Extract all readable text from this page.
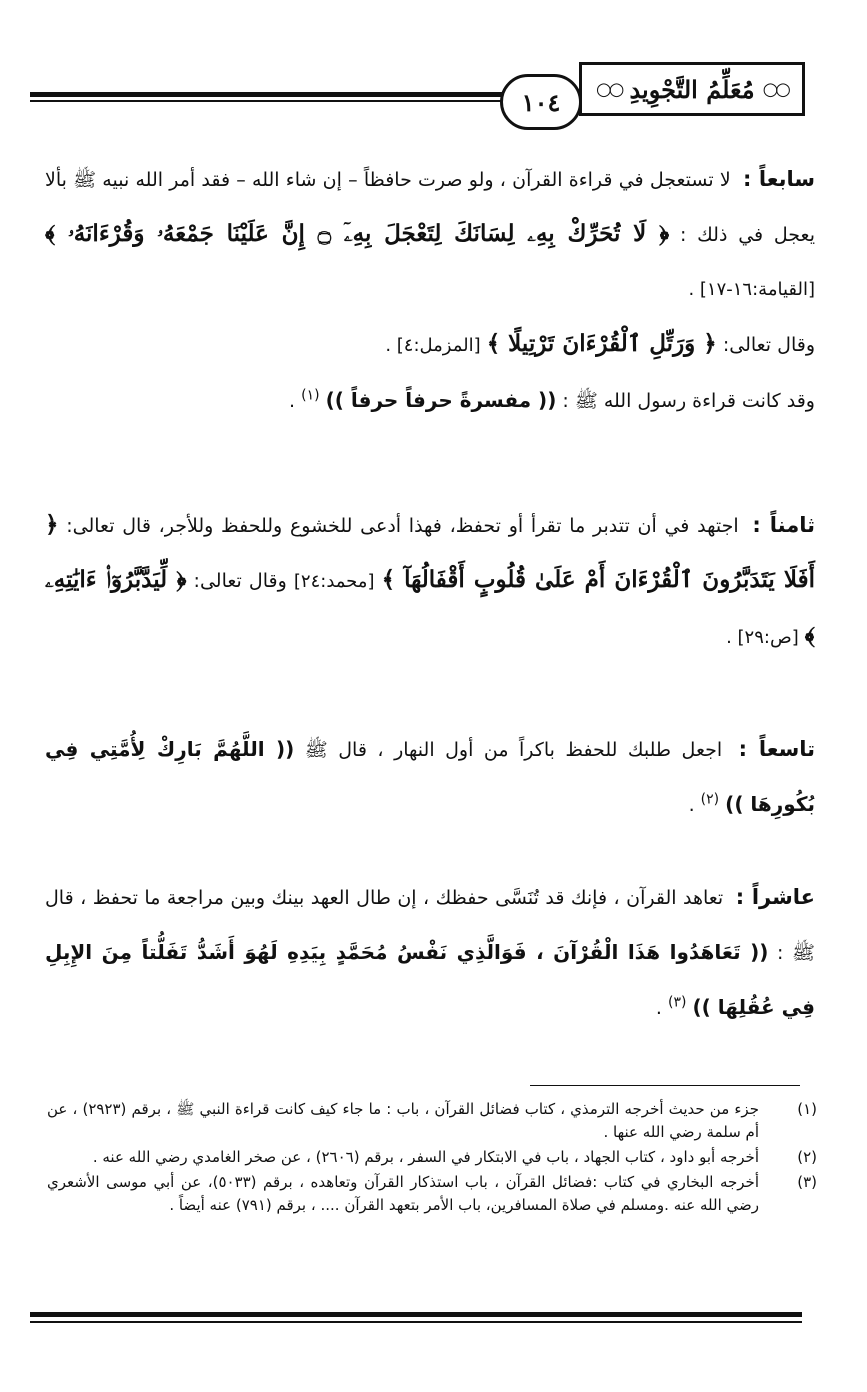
١٠٤	○○
مُعَلِّمُ التَّجْوِيدِ
○○
سابعاً : لا تستعجل في قراءة القرآن ، ولو صرت حافظاً – إن شاء الله – فقد أمر الله نبيه ﷺ بألا يعجل في ذلك : ﴿ لَا تُحَرِّكْ بِهِۦ لِسَانَكَ لِتَعْجَلَ بِهِۦٓ ۝ إِنَّ عَلَيْنَا جَمْعَهُۥ وَقُرْءَانَهُۥ ﴾ [القيامة:١٦-١٧] .
وقال تعالى: ﴿ وَرَتِّلِ ٱلْقُرْءَانَ تَرْتِيلًا ﴾ [المزمل:٤] .
وقد كانت قراءة رسول الله ﷺ : (( مفسرةً حرفاً حرفاً )) $^{(١)}$ .
ثامناً : اجتهد في أن تتدبر ما تقرأ أو تحفظ، فهذا أدعى للخشوع وللحفظ وللأجر، قال تعالى: ﴿ أَفَلَا يَتَدَبَّرُونَ ٱلْقُرْءَانَ أَمْ عَلَىٰ قُلُوبٍ أَقْفَالُهَآ ﴾ [محمد:٢٤] وقال تعالى: ﴿ لِّيَدَّبَّرُوٓا۟ ءَايَٰتِهِۦ ﴾ [ص:٢٩] .
تاسعاً : اجعل طلبك للحفظ باكراً من أول النهار ، قال ﷺ (( اللَّهُمَّ بَارِكْ لِأُمَّتِي فِي بُكُورِهَا )) $^{(٢)}$ .
عاشراً : تعاهد القرآن ، فإنك قد تُنَسَّى حفظك ، إن طال العهد بينك وبين مراجعة ما تحفظ ، قال ﷺ : (( تَعَاهَدُوا هَذَا الْقُرْآنَ ، فَوَالَّذِي نَفْسُ مُحَمَّدٍ بِيَدِهِ لَهُوَ أَشَدُّ تَفَلُّتاً مِنَ الإِبِلِ فِي عُقُلِهَا )) $^{(٣)}$ .
(١)
جزء من حديث أخرجه الترمذي ، كتاب فضائل القرآن ، باب : ما جاء كيف كانت قراءة النبي ﷺ ، برقم (٢٩٢٣) ، عن أم سلمة رضي الله عنها .
(٢)
أخرجه أبو داود ، كتاب الجهاد ، باب في الابتكار في السفر ، برقم (٢٦٠٦) ، عن صخر الغامدي رضي الله عنه .
(٣)
أخرجه البخاري في كتاب :فضائل القرآن ، باب استذكار القرآن وتعاهده ، برقم (٥٠٣٣)، عن أبي موسى الأشعري رضي الله عنه .ومسلم في صلاة المسافرين، باب الأمر بتعهد القرآن .... ، برقم (٧٩١) عنه أيضاً .
